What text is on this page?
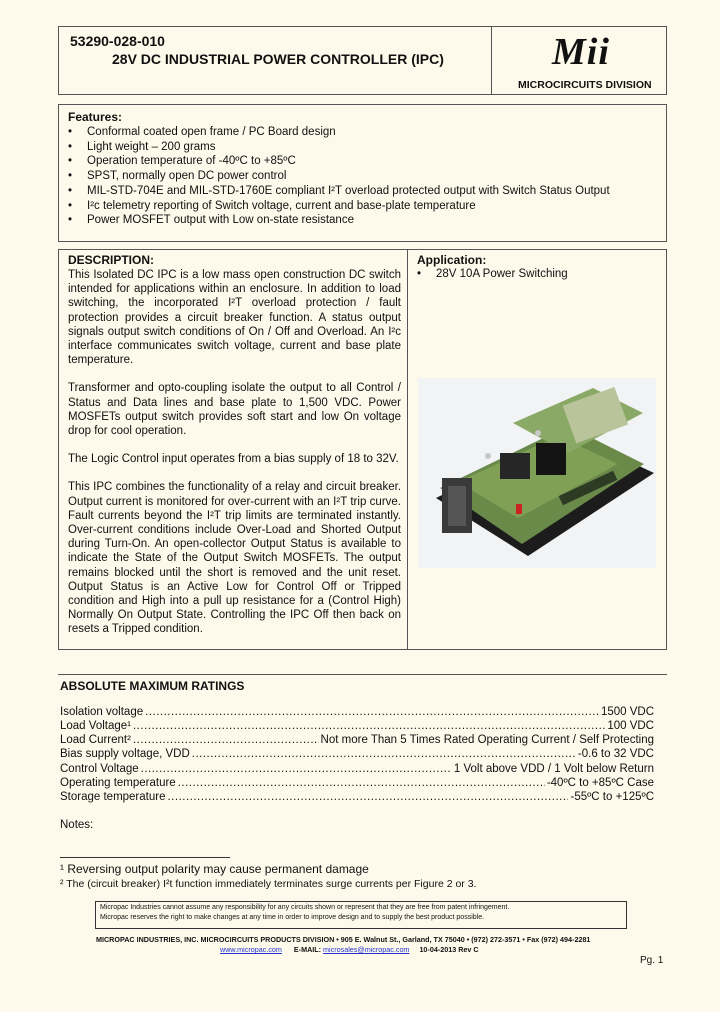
53290-028-010
28V DC INDUSTRIAL POWER CONTROLLER (IPC)	Mii
MICROCIRCUITS DIVISION
Features:
• Conformal coated open frame / PC Board design
• Light weight – 200 grams
• Operation temperature of -40ºC to +85ºC
• SPST, normally open DC power control
• MIL-STD-704E and MIL-STD-1760E compliant I²T overload protected output with Switch Status Output
• I²c telemetry reporting of Switch voltage, current and base-plate temperature
• Power MOSFET output with Low on-state resistance
DESCRIPTION:

This Isolated DC IPC is a low mass open construction DC switch intended for applications within an enclosure. In addition to load switching, the incorporated I²T overload protection / fault protection provides a circuit breaker function. A status output signals output switch conditions of On / Off and Overload. An I²c interface communicates switch voltage, current and base plate temperature.

Transformer and opto-coupling isolate the output to all Control / Status and Data lines and base plate to 1,500 VDC. Power MOSFETs output switch provides soft start and low On voltage drop for cool operation.

The Logic Control input operates from a bias supply of 18 to 32V.

This IPC combines the functionality of a relay and circuit breaker. Output current is monitored for over-current with an I²T trip curve. Fault currents beyond the I²T trip limits are terminated instantly. Over-current conditions include Over-Load and Shorted Output during Turn-On. An open-collector Output Status is available to indicate the State of the Output Switch MOSFETs. The output remains blocked until the short is removed and the unit reset. Output Status is an Active Low for Control Off or Tripped condition and High into a pull up resistance for a (Control High) Normally On Output State. Controlling the IPC Off then back on resets a Tripped condition.

Application:
• 28V 10A Power Switching
ABSOLUTE MAXIMUM RATINGS
Isolation voltage .....	1500 VDC
Load Voltage¹ .....	100 VDC
Load Current² .....	Not more Than 5 Times Rated Operating Current / Self Protecting
Bias supply voltage, VDD .....	-0.6 to 32 VDC
Control Voltage .....	1 Volt above VDD / 1 Volt below Return
Operating temperature .....	-40ºC to +85ºC Case
Storage temperature .....	-55ºC to +125ºC
Notes:
¹ Reversing output polarity may cause permanent damage
² The (circuit breaker) I²t function immediately terminates surge currents per Figure 2 or 3.
Micropac Industries cannot assume any responsibility for any circuits shown or represent that they are free from patent infringement.
Micropac reserves the right to make changes at any time in order to improve design and to supply the best product possible.
MICROPAC INDUSTRIES, INC. MICROCIRCUITS PRODUCTS DIVISION • 905 E. Walnut St., Garland, TX 75040 • (972) 272-3571 • Fax (972) 494-2281
www.micropac.com E-MAIL: microsales@micropac.com 10-04-2013 Rev C
Pg. 1
